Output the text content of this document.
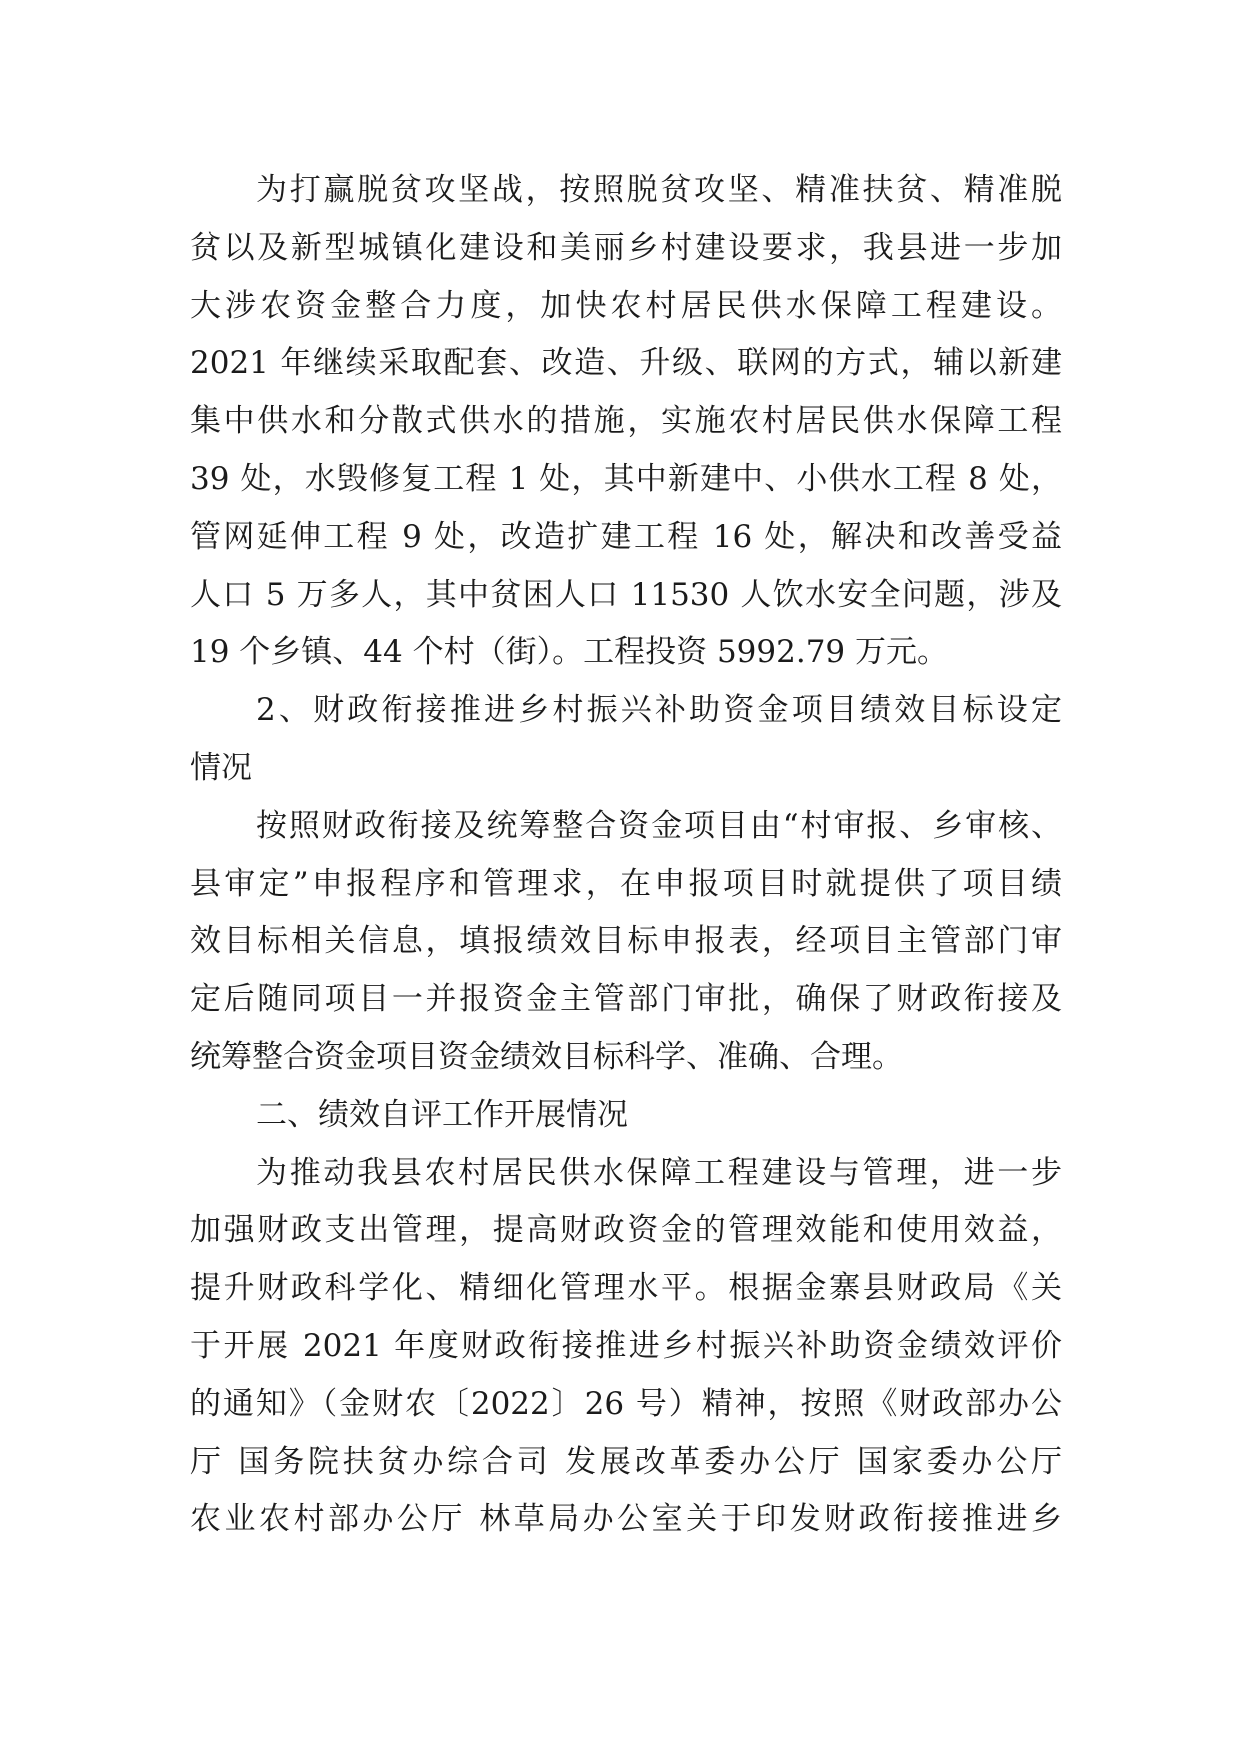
为打赢脱贫攻坚战，按照脱贫攻坚、精准扶贫、精准脱
贫以及新型城镇化建设和美丽乡村建设要求，我县进一步加
大涉农资金整合力度，加快农村居民供水保障工程建设。
2021 年继续采取配套、改造、升级、联网的方式，辅以新建
集中供水和分散式供水的措施，实施农村居民供水保障工程
39 处，水毁修复工程 1 处，其中新建中、小供水工程 8 处，
管网延伸工程 9 处，改造扩建工程 16 处，解决和改善受益
人口 5 万多人，其中贫困人口 11530 人饮水安全问题，涉及
19 个乡镇、44 个村（街）。工程投资 5992.79 万元。
2、财政衔接推进乡村振兴补助资金项目绩效目标设定
情况
按照财政衔接及统筹整合资金项目由“村审报、乡审核、
县审定”申报程序和管理求，在申报项目时就提供了项目绩
效目标相关信息，填报绩效目标申报表，经项目主管部门审
定后随同项目一并报资金主管部门审批，确保了财政衔接及
统筹整合资金项目资金绩效目标科学、准确、合理。
二、绩效自评工作开展情况
为推动我县农村居民供水保障工程建设与管理，进一步
加强财政支出管理，提高财政资金的管理效能和使用效益，
提升财政科学化、精细化管理水平。根据金寨县财政局《关
于开展 2021 年度财政衔接推进乡村振兴补助资金绩效评价
的通知》（金财农〔2022〕26 号）精神，按照《财政部办公
厅 国务院扶贫办综合司 发展改革委办公厅 国家委办公厅
农业农村部办公厅 林草局办公室关于印发财政衔接推进乡
